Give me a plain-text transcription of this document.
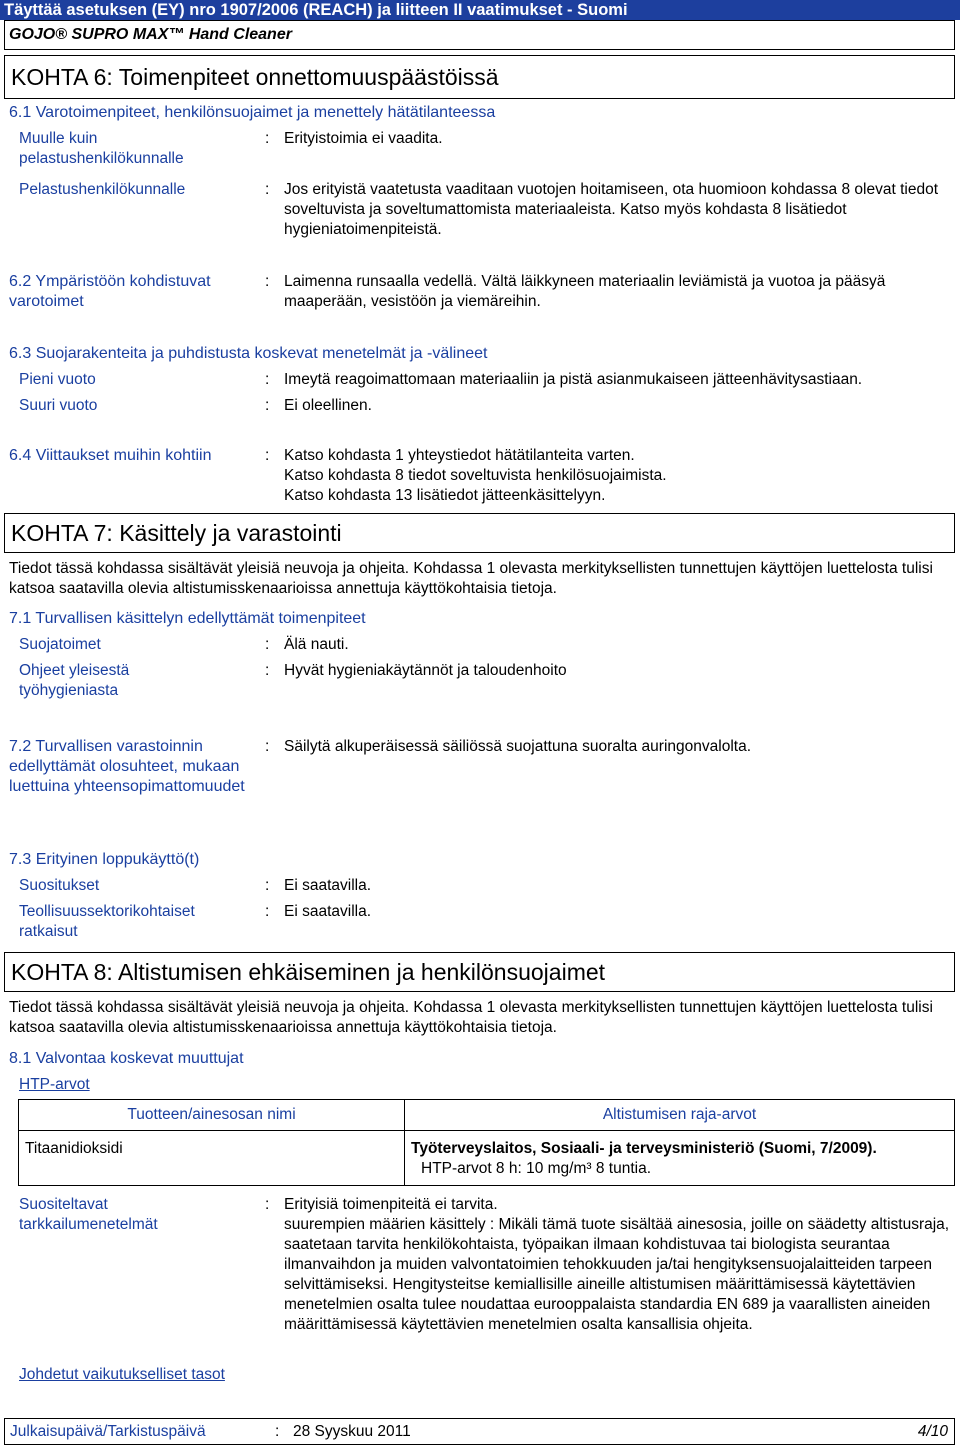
Täyttää asetuksen (EY) nro 1907/2006 (REACH) ja liitteen II vaatimukset - Suomi
GOJO® SUPRO MAX™ Hand Cleaner
KOHTA 6: Toimenpiteet onnettomuuspäästöissä
6.1 Varotoimenpiteet, henkilönsuojaimet ja menettely hätätilanteessa
Muulle kuin pelastushenkilökunnalle
: Erityistoimia ei vaadita.
Pelastushenkilökunnalle	: Jos erityistä vaatetusta vaaditaan vuotojen hoitamiseen, ota huomioon kohdassa 8 olevat tiedot soveltuvista ja soveltumattomista materiaaleista. Katso myös kohdasta 8 lisätiedot hygieniatoimenpiteistä.
6.2 Ympäristöön kohdistuvat varotoimet
: Laimenna runsaalla vedellä. Vältä läikkyneen materiaalin leviämistä ja vuotoa ja pääsyä maaperään, vesistöön ja viemäreihin.
6.3 Suojarakenteita ja puhdistusta koskevat menetelmät ja -välineet
Pieni vuoto	: Imeytä reagoimattomaan materiaaliin ja pistä asianmukaiseen jätteenhävitysastiaan.
Suuri vuoto	: Ei oleellinen.
6.4 Viittaukset muihin kohtiin	: Katso kohdasta 1 yhteystiedot hätätilanteita varten.
Katso kohdasta 8 tiedot soveltuvista henkilösuojaimista.
Katso kohdasta 13 lisätiedot jätteenkäsittelyyn.
KOHTA 7: Käsittely ja varastointi
Tiedot tässä kohdassa sisältävät yleisiä neuvoja ja ohjeita. Kohdassa 1 olevasta merkityksellisten tunnettujen käyttöjen luettelosta tulisi katsoa saatavilla olevia altistumisskenaarioissa annettuja käyttökohtaisia tietoja.
7.1 Turvallisen käsittelyn edellyttämät toimenpiteet
Suojatoimet	: Älä nauti.
Ohjeet yleisestä työhygieniasta
: Hyvät hygieniakäytännöt ja taloudenhoito
7.2 Turvallisen varastoinnin edellyttämät olosuhteet, mukaan luettuina yhteensopimattomuudet
: Säilytä alkuperäisessä säiliössä suojattuna suoralta auringonvalolta.
7.3 Erityinen loppukäyttö(t)
Suositukset	: Ei saatavilla.
Teollisuussektorikohtaiset ratkaisut
: Ei saatavilla.
KOHTA 8: Altistumisen ehkäiseminen ja henkilönsuojaimet
Tiedot tässä kohdassa sisältävät yleisiä neuvoja ja ohjeita. Kohdassa 1 olevasta merkityksellisten tunnettujen käyttöjen luettelosta tulisi katsoa saatavilla olevia altistumisskenaarioissa annettuja käyttökohtaisia tietoja.
8.1 Valvontaa koskevat muuttujat
HTP-arvot
Tuotteen/ainesosan nimi	Altistumisen raja-arvot
Titaanidioksidi	Työterveyslaitos, Sosiaali- ja terveysministeriö (Suomi, 7/2009).
HTP-arvot 8 h: 10 mg/m³ 8 tuntia.
Suositeltavat tarkkailumenetelmät
: Erityisiä toimenpiteitä ei tarvita.
suurempien määrien käsittely : Mikäli tämä tuote sisältää ainesosia, joille on säädetty altistusraja, saatetaan tarvita henkilökohtaista, työpaikan ilmaan kohdistuvaa tai biologista seurantaa ilmanvaihdon ja muiden valvontatoimien tehokkuuden ja/tai hengityksensuojalaitteiden tarpeen selvittämiseksi. Hengitysteitse kemiallisille aineille altistumisen määrittämisessä käytettävien menetelmien osalta tulee noudattaa eurooppalaista standardia EN 689 ja vaarallisten aineiden määrittämisessä käytettävien menetelmien osalta kansallisia ohjeita.
Johdetut vaikutukselliset tasot
Julkaisupäivä/Tarkistuspäivä	: 28 Syyskuu 2011	4/10
